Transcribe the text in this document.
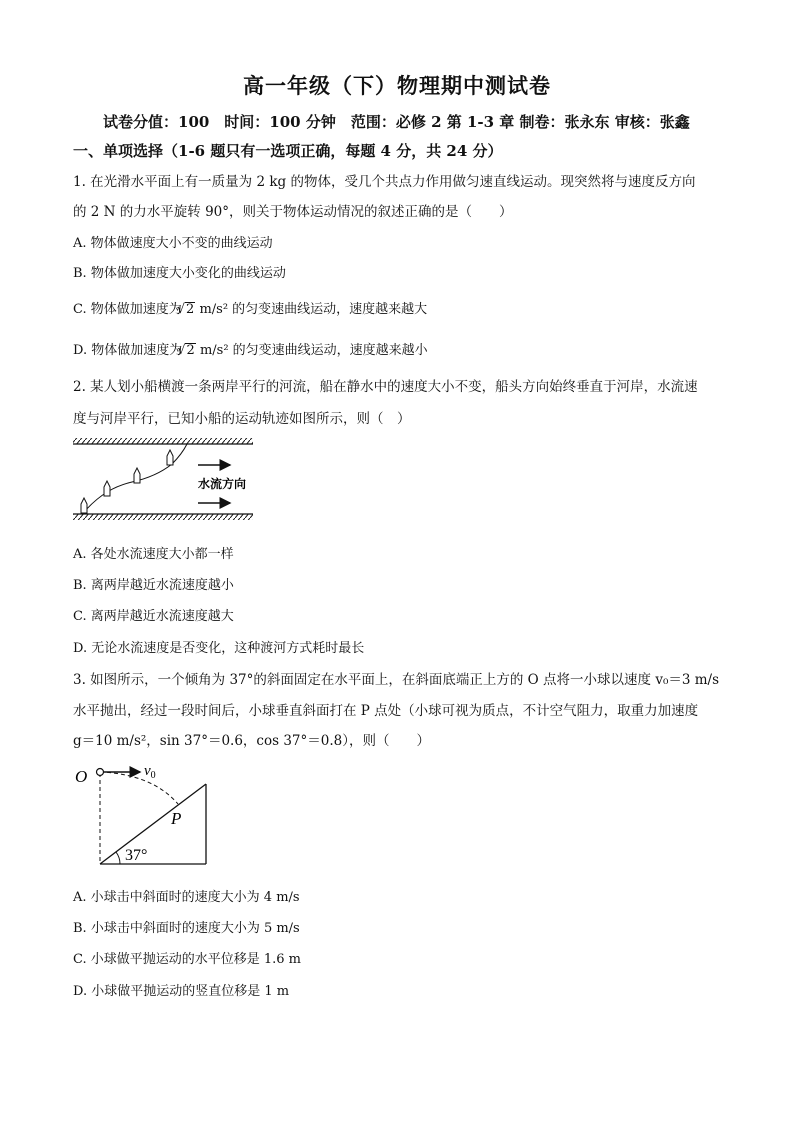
高一年级（下）物理期中测试卷
试卷分值：100　时间：100 分钟　范围：必修 2 第 1-3 章 制卷：张永东 审核：张鑫
一、单项选择（1-6 题只有一选项正确，每题 4 分，共 24 分）
1. 在光滑水平面上有一质量为 2 kg 的物体，受几个共点力作用做匀速直线运动。现突然将与速度反方向
的 2 N 的力水平旋转 90°，则关于物体运动情况的叙述正确的是（　　）
A. 物体做速度大小不变的曲线运动
B. 物体做加速度大小变化的曲线运动
C. 物体做加速度为 √ 2 m/s² 的匀变速曲线运动，速度越来越大
D. 物体做加速度为 √ 2 m/s² 的匀变速曲线运动，速度越来越小
2. 某人划小船横渡一条两岸平行的河流，船在静水中的速度大小不变，船头方向始终垂直于河岸，水流速
度与河岸平行，已知小船的运动轨迹如图所示，则（　）
水流方向
A. 各处水流速度大小都一样
B. 离两岸越近水流速度越小
C. 离两岸越近水流速度越大
D. 无论水流速度是否变化，这种渡河方式耗时最长
3. 如图所示，一个倾角为 37°的斜面固定在水平面上，在斜面底端正上方的 O 点将一小球以速度 v₀＝3 m/s
水平抛出，经过一段时间后，小球垂直斜面打在 P 点处（小球可视为质点，不计空气阻力，取重力加速度
g＝10 m/s²，sin 37°＝0.6，cos 37°＝0.8），则（　　）
O	$v_0$
P
37°
A. 小球击中斜面时的速度大小为 4 m/s
B. 小球击中斜面时的速度大小为 5 m/s
C. 小球做平抛运动的水平位移是 1.6 m
D. 小球做平抛运动的竖直位移是 1 m
